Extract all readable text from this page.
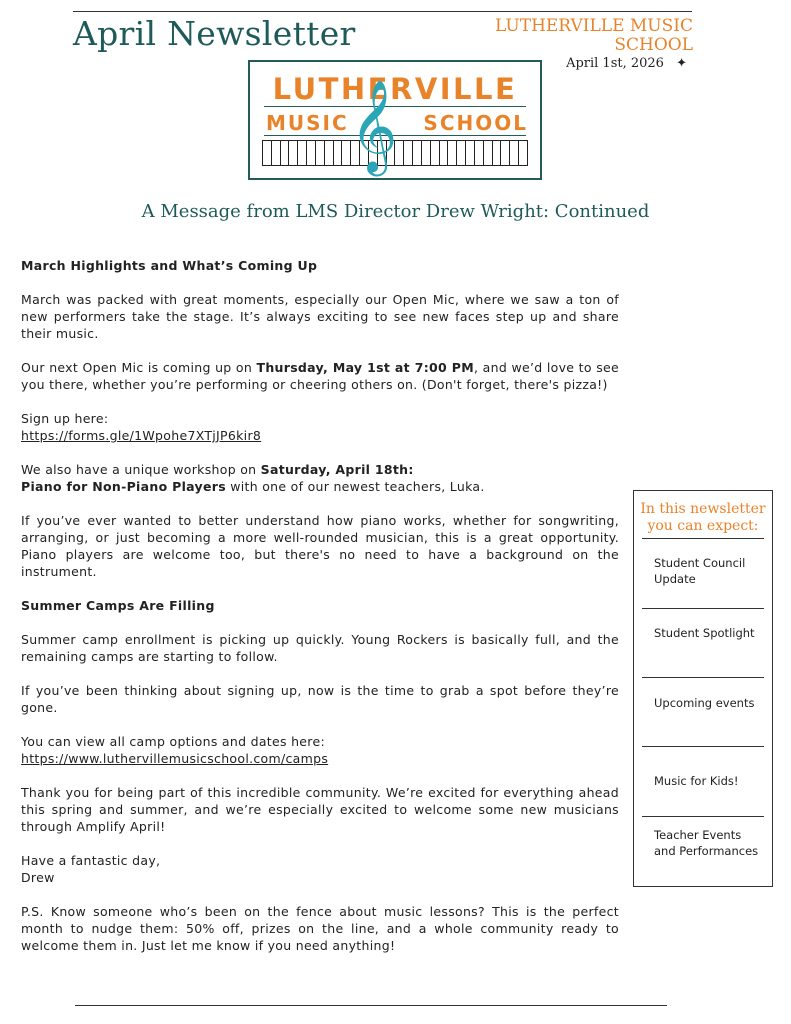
April Newsletter	LUTHERVILLE MUSIC
SCHOOL
April 1st, 2026 ✦
LUTHERVILLE
MUSIC	SCHOOL
𝄞
A Message from LMS Director Drew Wright: Continued

March Highlights and What’s Coming Up

March was packed with great moments, especially our Open Mic, where we saw a ton of new performers take the stage. It’s always exciting to see new faces step up and share their music.

Our next Open Mic is coming up on Thursday, May 1st at 7:00 PM, and we’d love to see you there, whether you’re performing or cheering others on. (Don't forget, there's pizza!)

Sign up here:
https://forms.gle/1Wpohe7XTjJP6kir8

We also have a unique workshop on Saturday, April 18th:
Piano for Non-Piano Players with one of our newest teachers, Luka.

If you’ve ever wanted to better understand how piano works, whether for songwriting, arranging, or just becoming a more well-rounded musician, this is a great opportunity. Piano players are welcome too, but there's no need to have a background on the instrument.

Summer Camps Are Filling

Summer camp enrollment is picking up quickly. Young Rockers is basically full, and the remaining camps are starting to follow.

If you’ve been thinking about signing up, now is the time to grab a spot before they’re gone.

You can view all camp options and dates here:
https://www.luthervillemusicschool.com/camps

Thank you for being part of this incredible community. We’re excited for everything ahead this spring and summer, and we’re especially excited to welcome some new musicians through Amplify April!

Have a fantastic day,
Drew

P.S. Know someone who’s been on the fence about music lessons? This is the perfect month to nudge them: 50% off, prizes on the line, and a whole community ready to welcome them in. Just let me know if you need anything!

In this newsletter
you can expect:
Student Council Update
Student Spotlight
Upcoming events
Music for Kids!
Teacher Events and Performances
